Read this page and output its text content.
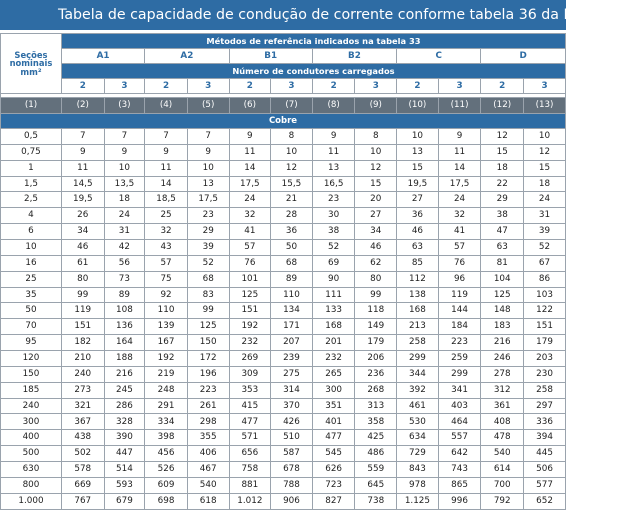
Tabela de capacidade de condução de corrente conforme tabela 36 da NBR 5410
Seções
nominais
mm²	Métodos de referência indicados na tabela 33											
	A1		A2		B1		B2		C		D	
	Número de condutores carregados											
	2	3	2	3	2	3	2	3	2	3	2	3

(1)	(2)	(3)	(4)	(5)	(6)	(7)	(8)	(9)	(10)	(11)	(12)	(13)
Cobre												
0,5	7	7	7	7	9	8	9	8	10	9	12	10
0,75	9	9	9	9	11	10	11	10	13	11	15	12
1	11	10	11	10	14	12	13	12	15	14	18	15
1,5	14,5	13,5	14	13	17,5	15,5	16,5	15	19,5	17,5	22	18
2,5	19,5	18	18,5	17,5	24	21	23	20	27	24	29	24
4	26	24	25	23	32	28	30	27	36	32	38	31
6	34	31	32	29	41	36	38	34	46	41	47	39
10	46	42	43	39	57	50	52	46	63	57	63	52
16	61	56	57	52	76	68	69	62	85	76	81	67
25	80	73	75	68	101	89	90	80	112	96	104	86
35	99	89	92	83	125	110	111	99	138	119	125	103
50	119	108	110	99	151	134	133	118	168	144	148	122
70	151	136	139	125	192	171	168	149	213	184	183	151
95	182	164	167	150	232	207	201	179	258	223	216	179
120	210	188	192	172	269	239	232	206	299	259	246	203
150	240	216	219	196	309	275	265	236	344	299	278	230
185	273	245	248	223	353	314	300	268	392	341	312	258
240	321	286	291	261	415	370	351	313	461	403	361	297
300	367	328	334	298	477	426	401	358	530	464	408	336
400	438	390	398	355	571	510	477	425	634	557	478	394
500	502	447	456	406	656	587	545	486	729	642	540	445
630	578	514	526	467	758	678	626	559	843	743	614	506
800	669	593	609	540	881	788	723	645	978	865	700	577
1.000	767	679	698	618	1.012	906	827	738	1.125	996	792	652
